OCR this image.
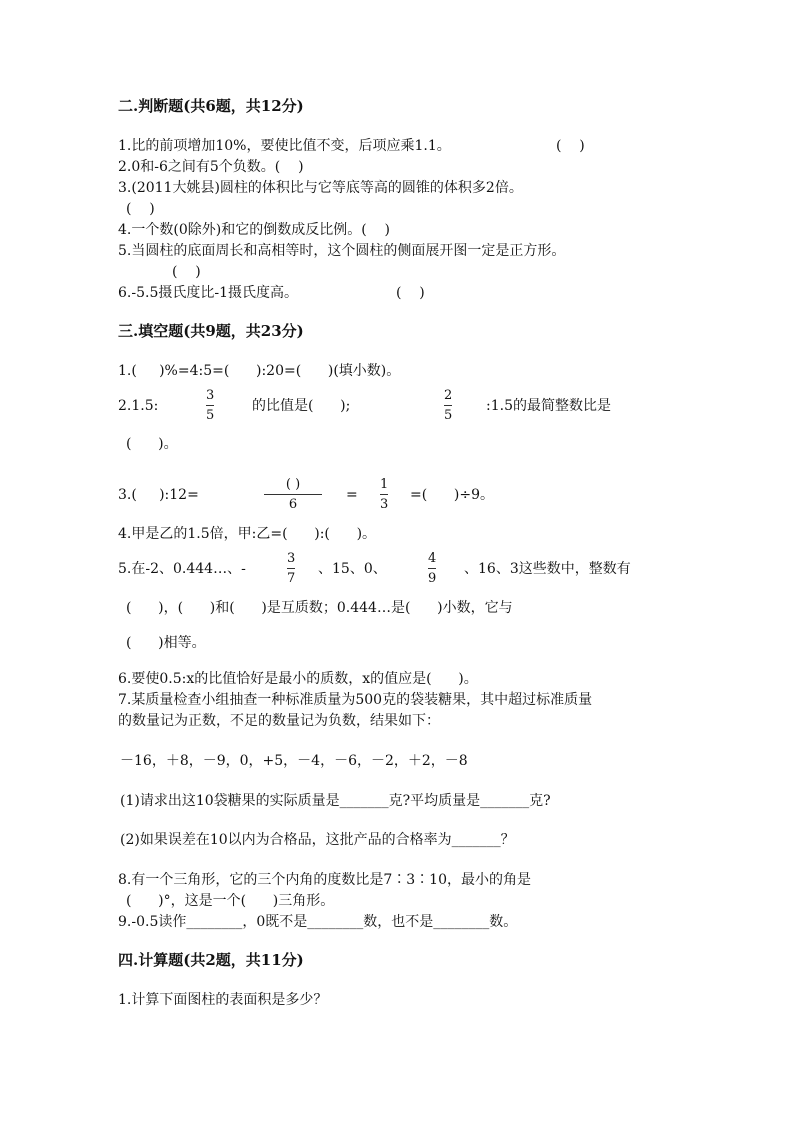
二.判断题(共6题，共12分)
1.比的前项增加10%，要使比值不变，后项应乘1.1。	(    )
2.0和-6之间有5个负数。(    )
3.(2011大姚县)圆柱的体积比与它等底等高的圆锥的体积多2倍。
(    )
4.一个数(0除外)和它的倒数成反比例。(    )
5.当圆柱的底面周长和高相等时，这个圆柱的侧面展开图一定是正方形。
(    )
6.-5.5摄氏度比-1摄氏度高。	(    )
三.填空题(共9题，共23分)
1.(     )%=4:5=(      ):20=(      )(填小数)。
2.1.5:
3
5
的比值是(      );
2
5
:1.5的最简整数比是
(      )。
3.(     ):12=
( )
6
=
1
3
=(      )÷9。
4.甲是乙的1.5倍，甲:乙=(      ):(      )。
5.在-2、0.444…、-
3
7
、15、0、
4
9
、16、3这些数中，整数有
(      )，(      )和(      )是互质数；0.444…是(      )小数，它与
(      )相等。
6.要使0.5:x的比值恰好是最小的质数，x的值应是(      )。
7.某质量检查小组抽查一种标准质量为500克的袋装糖果，其中超过标准质量
的数量记为正数，不足的数量记为负数，结果如下：
－16，＋8，－9，0，+5，－4，－6，－2，＋2，－8
(1)请求出这10袋糖果的实际质量是_______克?平均质量是_______克?
(2)如果误差在10以内为合格品，这批产品的合格率为_______？
8.有一个三角形，它的三个内角的度数比是7∶3∶10，最小的角是
(      )°，这是一个(      )三角形。
9.-0.5读作________，0既不是________数，也不是________数。
四.计算题(共2题，共11分)
1.计算下面图柱的表面积是多少？
